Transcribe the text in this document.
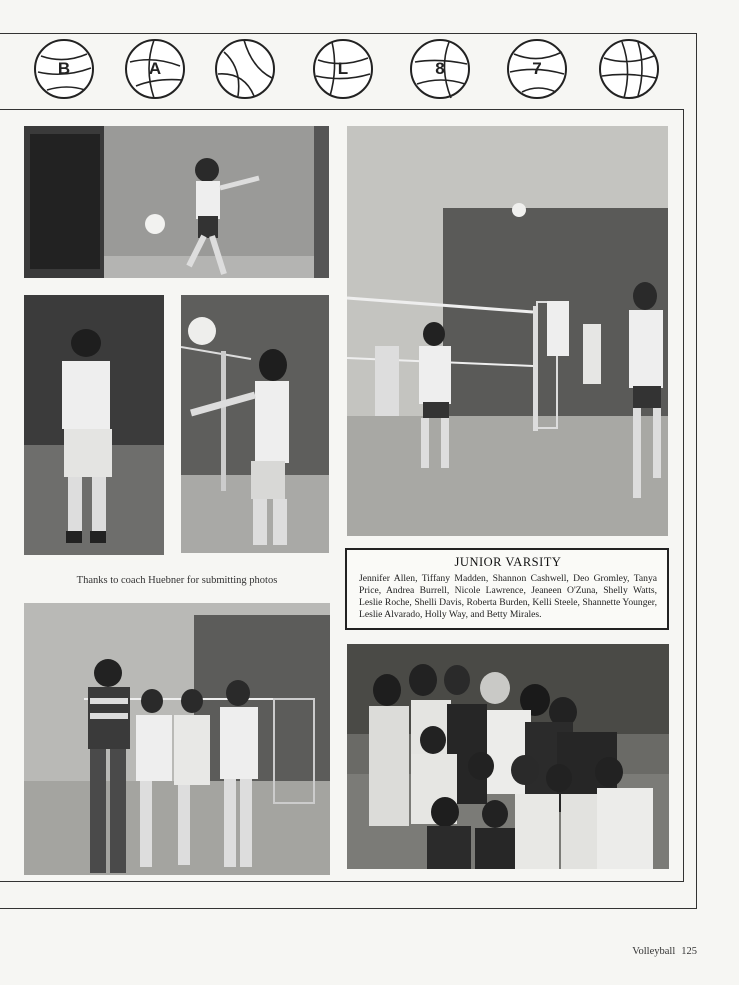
B	A	L	8	7
Thanks to coach Huebner for submitting photos
JUNIOR VARSITY
Jennifer Allen, Tiffany Madden, Shannon Cashwell, Deo Gromley, Tanya Price, Andrea Burrell, Nicole Lawrence, Jeaneen O'Zuna, Shelly Watts, Leslie Roche, Shelli Davis, Roberta Burden, Kelli Steele, Shannette Younger, Leslie Alvarado, Holly Way, and Betty Mirales.
Volleyball 125
